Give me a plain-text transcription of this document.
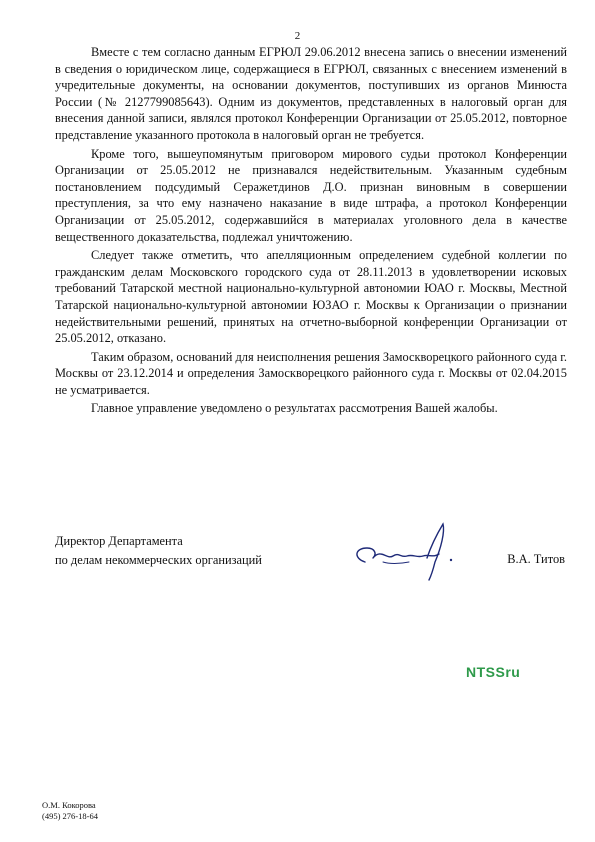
2

Вместе с тем согласно данным ЕГРЮЛ 29.06.2012 внесена запись о внесении изменений в сведения о юридическом лице, содержащиеся в ЕГРЮЛ, связанных с внесением изменений в учредительные документы, на основании документов, поступивших из органов Минюста России (№ 2127799085643). Одним из документов, представленных в налоговый орган для внесения данной записи, являлся протокол Конференции Организации от 25.05.2012, повторное представление указанного протокола в налоговый орган не требуется.

Кроме того, вышеупомянутым приговором мирового судьи протокол Конференции Организации от 25.05.2012 не признавался недействительным. Указанным судебным постановлением подсудимый Серажетдинов Д.О. признан виновным в совершении преступления, за что ему назначено наказание в виде штрафа, а протокол Конференции Организации от 25.05.2012, содержавшийся в материалах уголовного дела в качестве вещественного доказательства, подлежал уничтожению.

Следует также отметить, что апелляционным определением судебной коллегии по гражданским делам Московского городского суда от 28.11.2013 в удовлетворении исковых требований Татарской местной национально-культурной автономии ЮАО г. Москвы, Местной Татарской национально-культурной автономии ЮЗАО г. Москвы к Организации о признании недействительными решений, принятых на отчетно-выборной конференции Организации от 25.05.2012, отказано.

Таким образом, оснований для неисполнения решения Замоскворецкого районного суда г. Москвы от 23.12.2014 и определения Замоскворецкого районного суда г. Москвы от 02.04.2015 не усматривается.

Главное управление уведомлено о результатах рассмотрения Вашей жалобы.

Директор Департамента
по делам некоммерческих организаций	В.А. Титов
NTSSru
О.М. Кокорова
(495) 276-18-64
